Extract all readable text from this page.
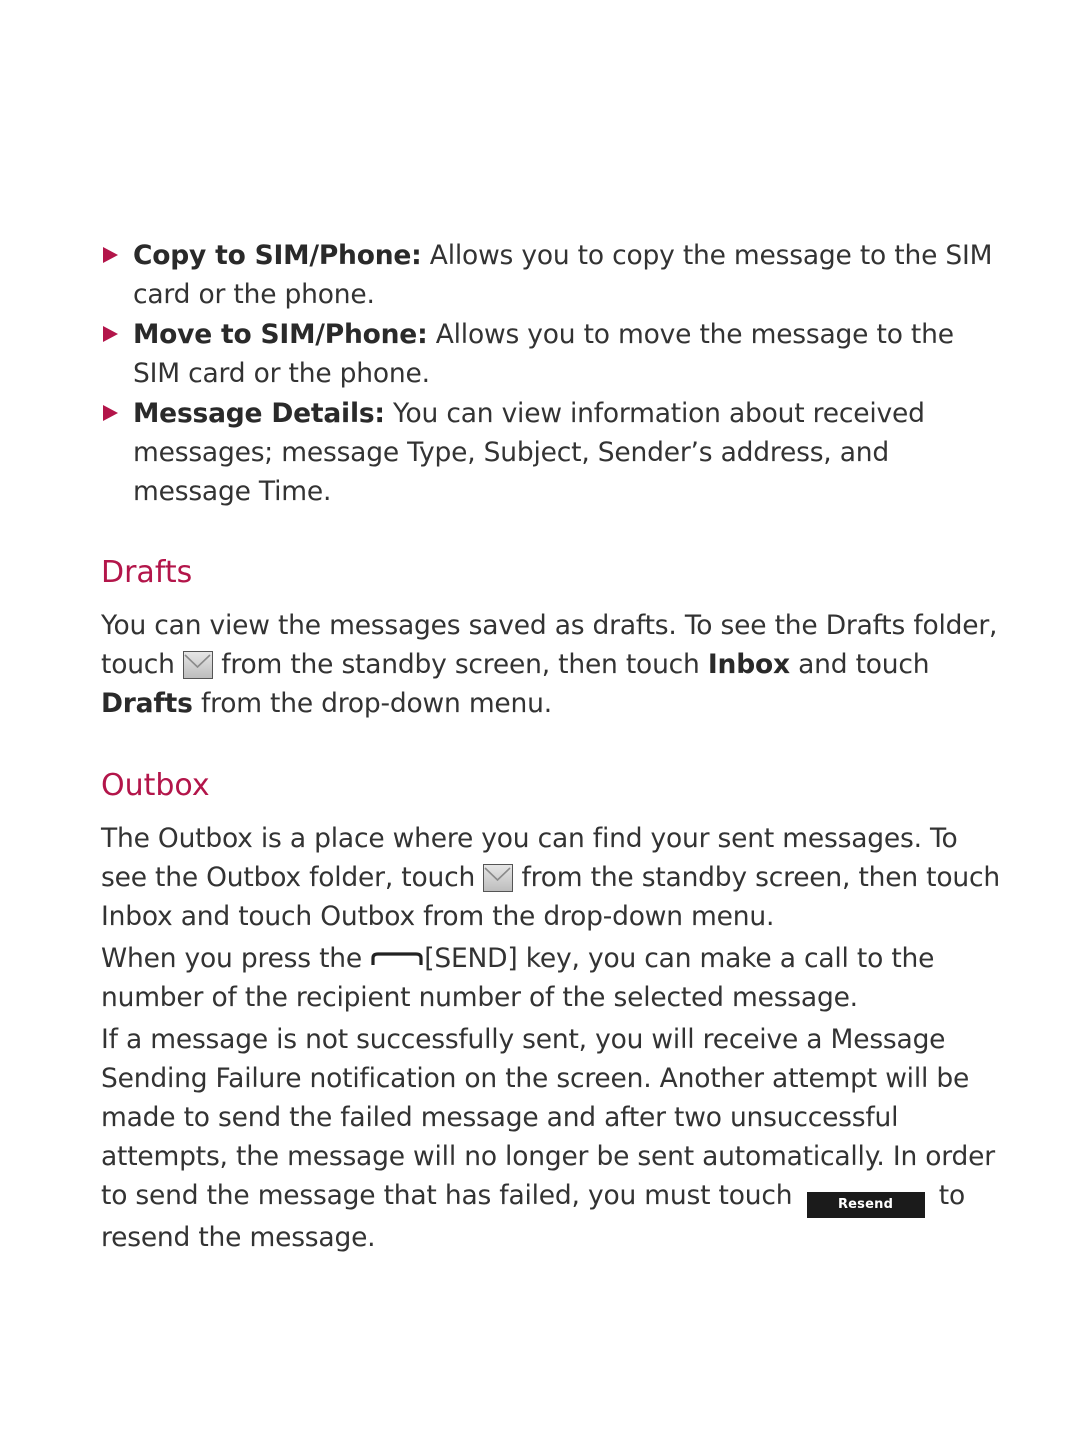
Copy to SIM/Phone: Allows you to copy the message to the SIM card or the phone.
Move to SIM/Phone: Allows you to move the message to the SIM card or the phone.
Message Details: You can view information about received messages; message Type, Subject, Sender’s address, and message Time.
Drafts

You can view the messages saved as drafts. To see the Drafts folder, touch from the standby screen, then touch Inbox and touch Drafts from the drop-down menu.

Outbox

The Outbox is a place where you can find your sent messages. To see the Outbox folder, touch from the standby screen, then touch Inbox and touch Outbox from the drop-down menu.

When you press the [SEND] key, you can make a call to the number of the recipient number of the selected message.

If a message is not successfully sent, you will receive a Message Sending Failure notification on the screen. Another attempt will be made to send the failed message and after two unsuccessful attempts, the message will no longer be sent automatically. In order to send the message that has failed, you must touch	Resend to resend the message.
